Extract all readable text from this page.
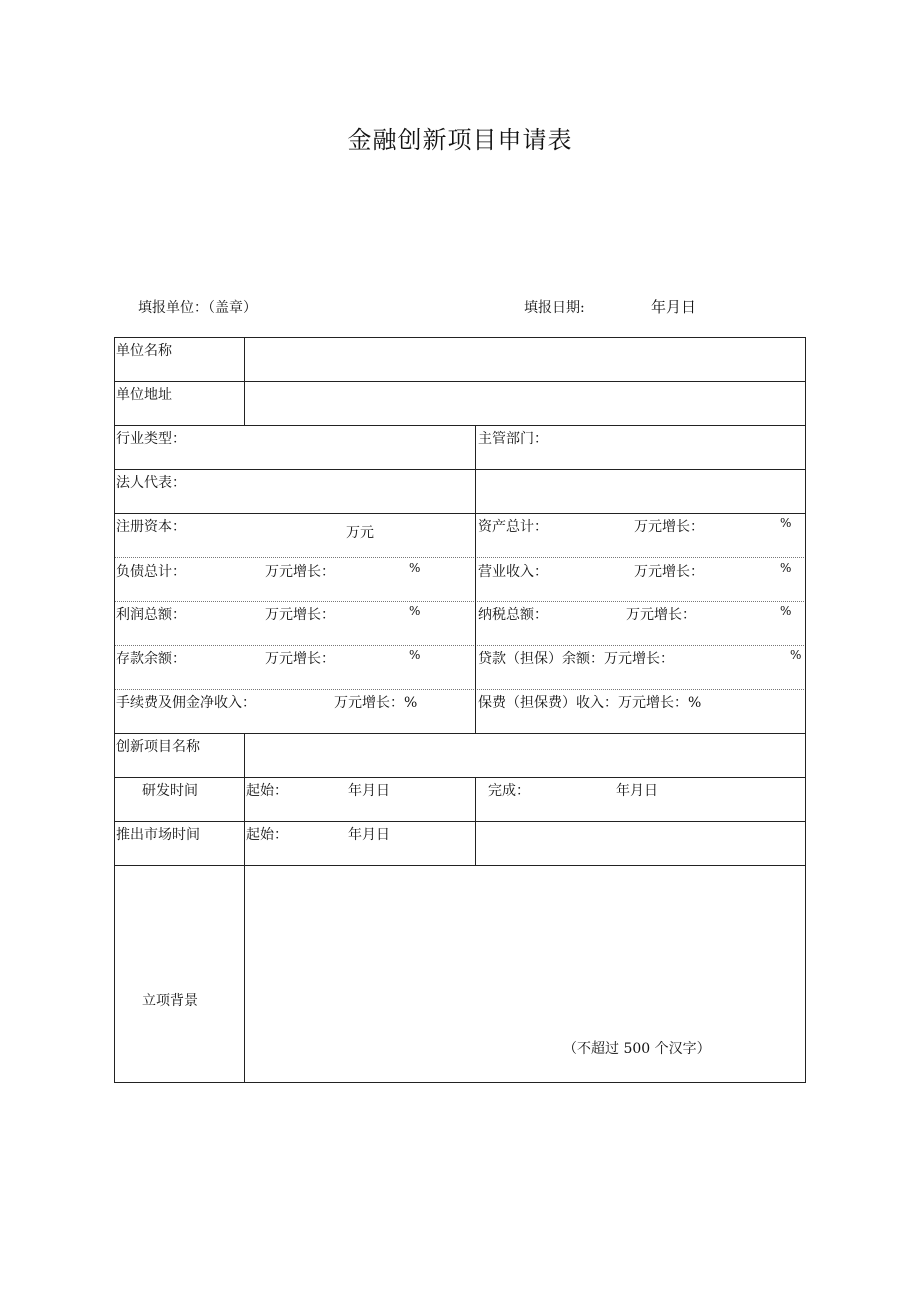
金融创新项目申请表
填报单位：（盖章）	填报日期:	年月日
单位名称
单位地址
行业类型：	主管部门：
法人代表：
注册资本：	万元	资产总计：	万元增长：	%
负债总计：	万元增长：	%	营业收入：	万元增长：	%
利润总额：	万元增长：	%	纳税总额：	万元增长：	%
存款余额：	万元增长：	%	贷款（担保）余额：万元增长：	%
手续费及佣金净收入：	万元增长：%	保费（担保费）收入：万元增长：%
创新项目名称
研发时间	起始：	年月日	完成：	年月日
推出市场时间	起始：	年月日
立项背景
（不超过 500 个汉字）
